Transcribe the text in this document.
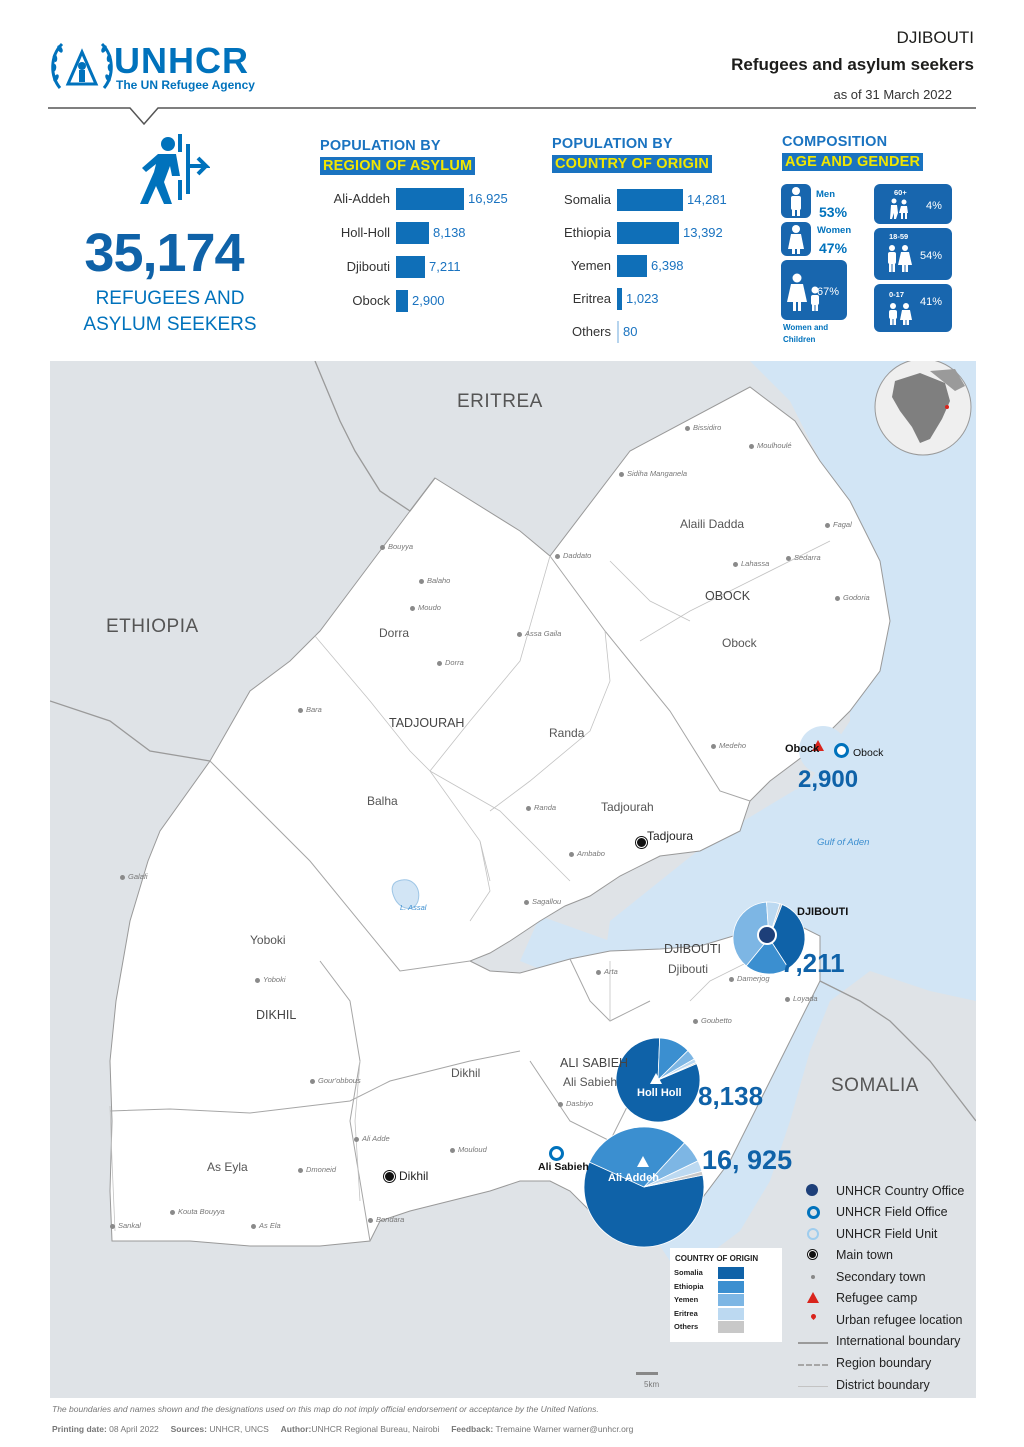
UNHCR
The UN Refugee Agency
DJIBOUTI
Refugees and asylum seekers
as of 31 March 2022
35,174
REFUGEES AND
ASYLUM SEEKERS
POPULATION BY
REGION OF ASYLUM
Ali-Addeh	16,925
Holl-Holl	8,138
Djibouti	7,211
Obock 2,900
POPULATION BY
COUNTRY OF ORIGIN
Somalia	14,281
Ethiopia	13,392
Yemen	6,398
Eritrea 1,023
Others 80
COMPOSITION
AGE AND GENDER
Men
53%
Women
47%
67%
Women and
Children
60+
4%
18-59
54%
0-17
41%
ERITREA
ETHIOPIA
SOMALIA
OBOCK
TADJOURAH
DIKHIL
ALI SABIEH
DJIBOUTI
Alaili Dadda
Obock
Dorra
Randa
Balha	Tadjourah
Yoboki
As Eyla
Dikhil
Ali Sabieh
Djibouti
Bissidiro
Moulhoulé
Sidiha Manganela
Fagal
Lahassa
Sedarra
Godoria
Daddato
Bouyya
Balaho
Moudo
Assa Gaila
Dorra
Bara
Medeho
Randa
Ambabo
Sagallou
L. Assal
Galafi
Yoboki
Arta
Damerjog
Loyada
Goubetto
Gour'obbous
Dasbiyo
Ali Adde
Mouloud
Dmoneid
Kouta Bouyya
As Ela
Sankal
Bondara
Gulf of Aden
Tadjoura
Dikhil
Obock	Obock
2,900
DJIBOUTI
7,211
Holl Holl 8,138
Ali Sabieh
Ali Addeh
16, 925
5km
COUNTRY OF ORIGIN
Somalia
Ethiopia
Yemen
Eritrea
Others
UNHCR Country Office
UNHCR Field Office
UNHCR Field Unit
Main town
Secondary town
Refugee camp
Urban refugee location
International boundary
Region boundary
District boundary
The boundaries and names shown and the designations used on this map do not imply official endorsement or acceptance by the United Nations.
Printing date: 08 April 2022 Sources: UNHCR, UNCS Author:UNHCR Regional Bureau, Nairobi Feedback: Tremaine Warner warner@unhcr.org
